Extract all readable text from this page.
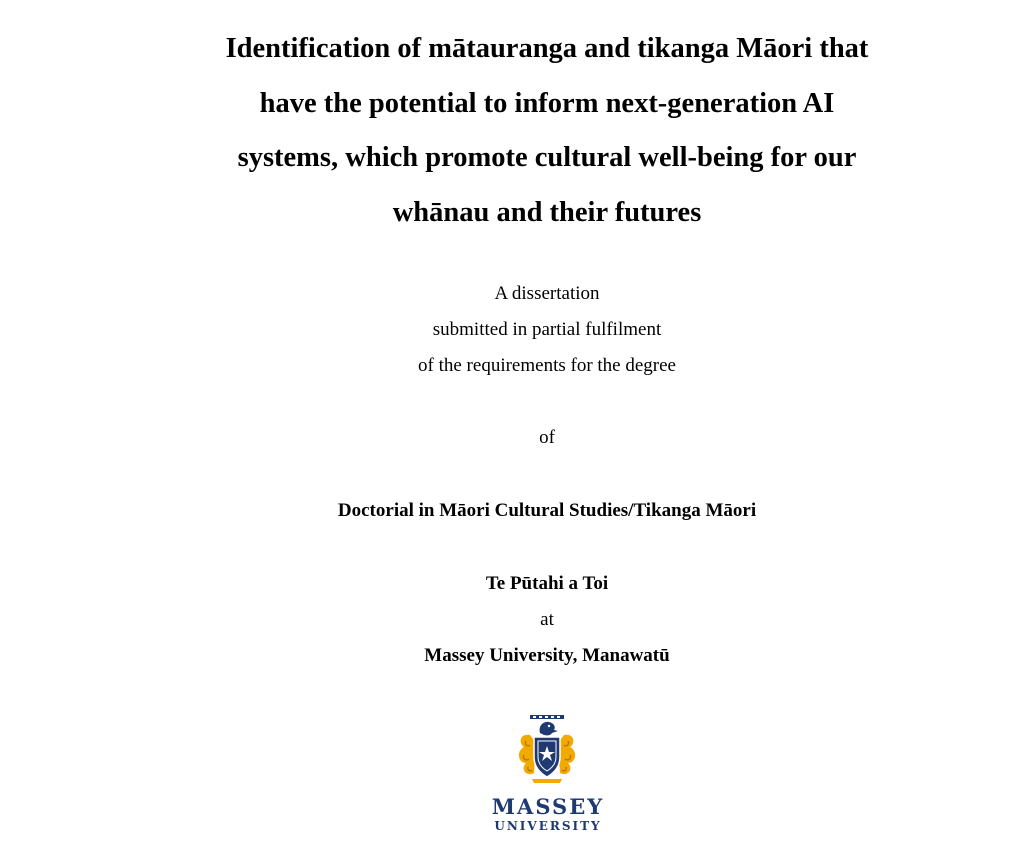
Identification of mātauranga and tikanga Māori that
have the potential to inform next-generation AI
systems, which promote cultural well-being for our
whānau and their futures
A dissertation
submitted in partial fulfilment
of the requirements for the degree
of
Doctorial in Māori Cultural Studies/Tikanga Māori
Te Pūtahi a Toi
at
Massey University, Manawatū
MASSEY
UNIVERSITY
